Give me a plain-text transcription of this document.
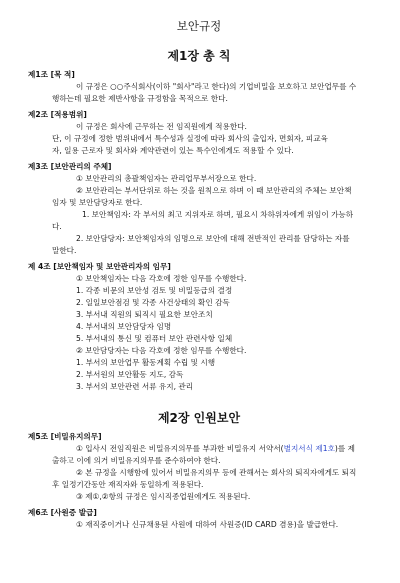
보안규정
제1장 총 칙
제1조 [목 적]

이 규정은 ○○주식회사(이하 "회사"라고 한다)의 기업비밀을 보호하고 보안업무를 수

행하는데 필요한 제반사항을 규정함을 목적으로 한다.

제2조 [적용범위]

이 규정은 회사에 근무하는 전 임직원에게 적용한다.

단, 이 규정에 정한 범위내에서 특수성과 실정에 따라 회사의 출입자, 면회자, 피교육

자, 일용 근로자 및 회사와 계약관련이 있는 특수인에게도 적용할 수 있다.

제3조 [보안관리의 주체]

① 보안관리의 총괄책임자는 관리업무부서장으로 한다.

② 보안관리는 부서단위로 하는 것을 원칙으로 하며 이 때 보안관리의 주체는 보안책

임자 및 보안담당자로 한다.

1. 보안책임자: 각 부서의 최고 지위자로 하며, 필요시 차하위자에게 위임이 가능하

다.

2. 보안담당자: 보안책임자의 임명으로 보안에 대해 전반적인 관리를 담당하는 자를

말한다.

제 4조 [보안책임자 및 보안관리자의 임무]

① 보안책임자는 다음 각호에 정한 임무를 수행한다.

1. 각종 비문의 보안성 검토 및 비밀등급의 결정

2. 일일보안점검 및 각종 사건상태의 확인 감독

3. 부서내 직원의 퇴직시 필요한 보안조치

4. 부서내의 보안담당자 임명

5. 부서내의 통신 및 컴퓨터 보안 관련사항 일체

② 보안담당자는 다음 각호에 정한 임무를 수행한다.

1. 부서의 보안업무 활동계획 수립 및 시행

2. 부서원의 보안활동 지도, 감독

3. 부서의 보안관련 서류 유지, 관리

제2장 인원보안
제5조 [비밀유지의무]

① 입사시 전임직원은 비밀유지의무를 부과한 비밀유지 서약서(별지서식 제1호)를 제

출하고 이에 의거 비밀유지의무를 준수하여야 한다.

② 본 규정을 시행함에 있어서 비밀유지의무 등에 관해서는 회사의 퇴직자에게도 퇴직

후 일정기간동안 재직자와 동일하게 적용된다.

③ 제①,②항의 규정은 임시직종업원에게도 적용된다.

제6조 [사원증 발급]

① 재직중이거나 신규채용된 사원에 대하여 사원증(ID CARD 겸용)을 발급한다.
